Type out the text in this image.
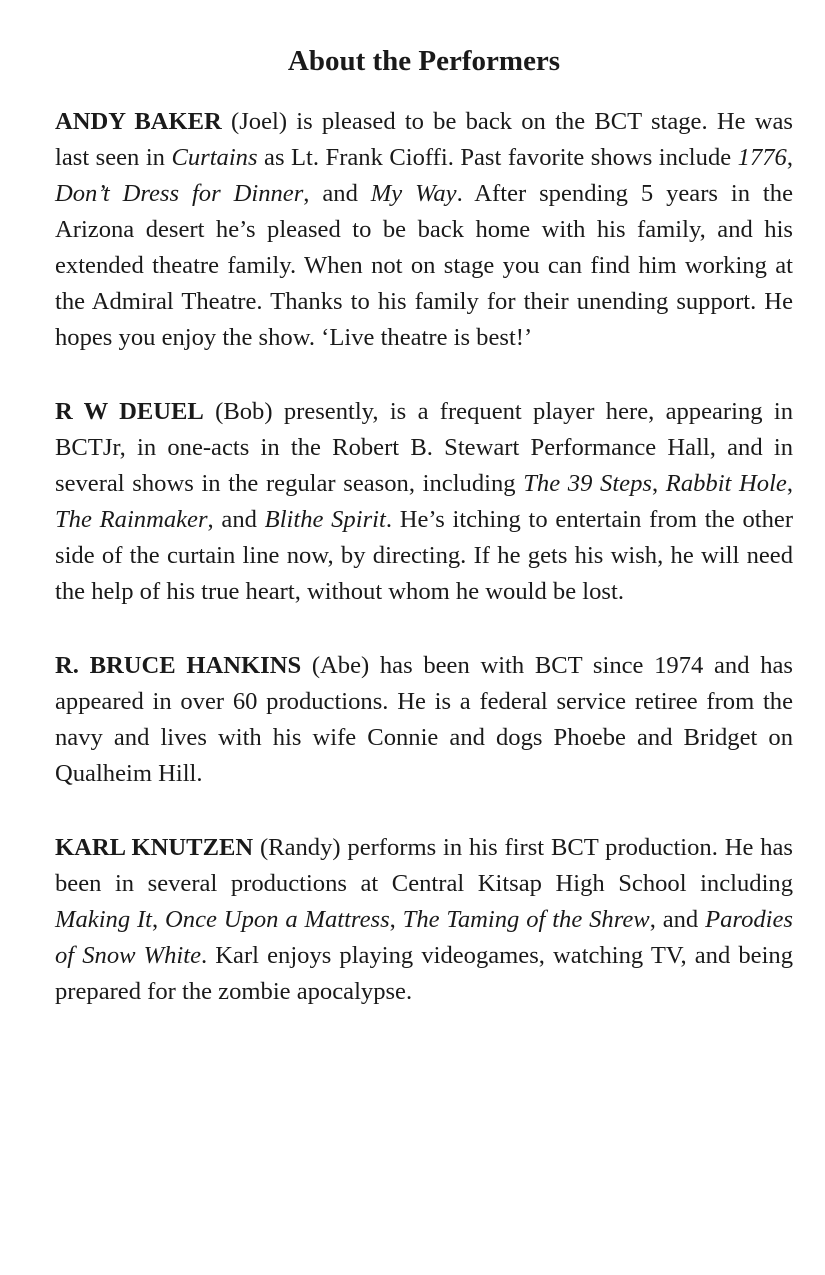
About the Performers

ANDY BAKER (Joel) is pleased to be back on the BCT stage. He was last seen in Curtains as Lt. Frank Cioffi. Past favorite shows include 1776, Don’t Dress for Dinner, and My Way. After spending 5 years in the Arizona desert he’s pleased to be back home with his family, and his extended theatre family. When not on stage you can find him working at the Admiral Theatre. Thanks to his family for their unending support. He hopes you enjoy the show. ‘Live theatre is best!’

R W DEUEL (Bob) presently, is a frequent player here, appearing in BCTJr, in one-acts in the Robert B. Stewart Performance Hall, and in several shows in the regular season, including The 39 Steps, Rabbit Hole, The Rainmaker, and Blithe Spirit. He’s itching to entertain from the other side of the curtain line now, by directing. If he gets his wish, he will need the help of his true heart, without whom he would be lost.

R. BRUCE HANKINS (Abe) has been with BCT since 1974 and has appeared in over 60 productions. He is a federal service retiree from the navy and lives with his wife Connie and dogs Phoebe and Bridget on Qualheim Hill.

KARL KNUTZEN (Randy) performs in his first BCT production. He has been in several productions at Central Kitsap High School including Making It, Once Upon a Mattress, The Taming of the Shrew, and Parodies of Snow White. Karl enjoys playing videogames, watching TV, and being prepared for the zombie apocalypse.
